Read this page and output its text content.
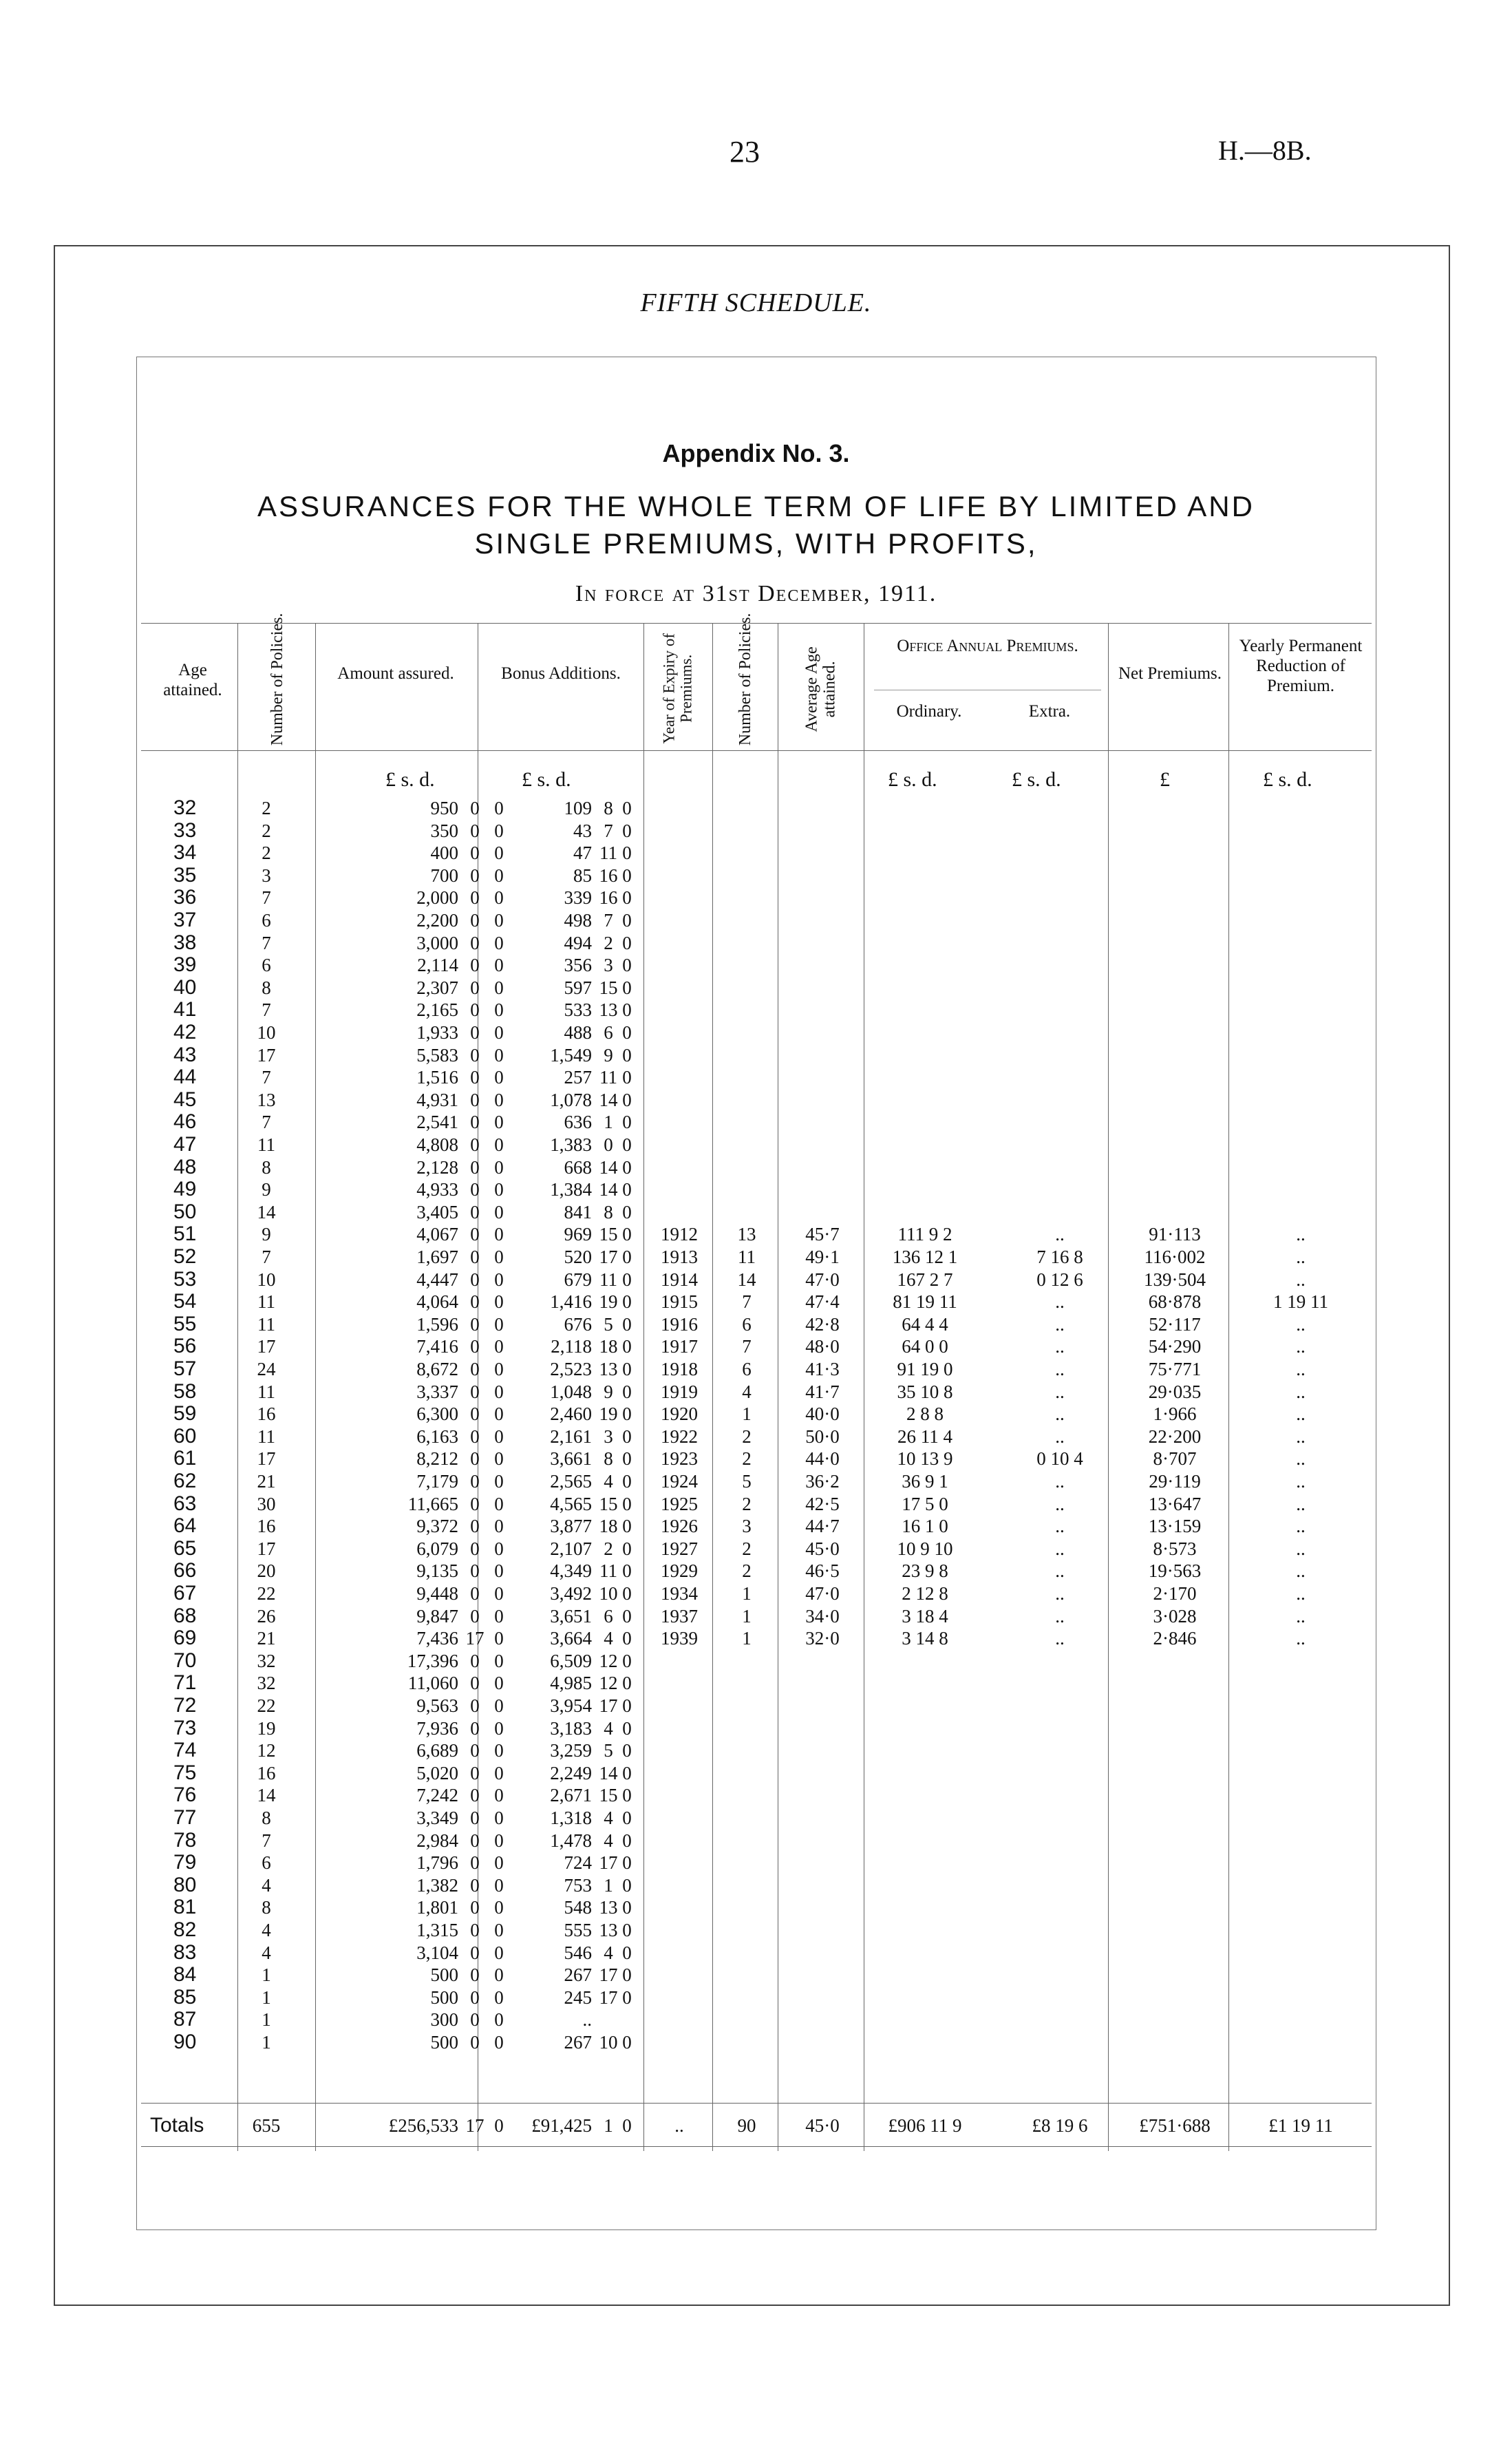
23	H.—8B.
FIFTH SCHEDULE.
Appendix No. 3.
ASSURANCES FOR THE WHOLE TERM OF LIFE BY LIMITED AND
SINGLE PREMIUMS, WITH PROFITS,
In force at 31st December, 1911.
Age attained.	Number of Policies.	Amount assured.	Bonus Additions.	Year of Expiry of Premiums. Number of Policies.	Average Age attained.
Office Annual Premiums.
Ordinary.	Extra.
Net Premiums.
Yearly Permanent Reduction of Premium.
£ s. d.	£ s. d.	£ s. d.	£ s. d.	£	£ s. d.
32	2	950 0 0	109 8 0
33	2	350 0 0	43 7 0
34	2	400 0 0	47 11 0
35	3	700 0 0	85 16 0
36	7	2,000 0 0	339 16 0
37	6	2,200 0 0	498 7 0
38	7	3,000 0 0	494 2 0
39	6	2,114 0 0	356 3 0
40	8	2,307 0 0	597 15 0
41	7	2,165 0 0	533 13 0
42	10	1,933 0 0	488 6 0
43	17	5,583 0 0	1,549 9 0
44	7	1,516 0 0	257 11 0
45	13	4,931 0 0	1,078 14 0
46	7	2,541 0 0	636 1 0
47	11	4,808 0 0	1,383 0 0
48	8	2,128 0 0	668 14 0
49	9	4,933 0 0	1,384 14 0
50	14	3,405 0 0	841 8 0
51	9	4,067 0 0	969 15 0	1912	13	45·7	111 9 2	..	91·113	..
52	7	1,697 0 0	520 17 0	1913	11	49·1	136 12 1	7 16 8	116·002	..
53	10	4,447 0 0	679 11 0	1914	14	47·0	167 2 7	0 12 6	139·504	..
54	11	4,064 0 0	1,416 19 0	1915	7	47·4	81 19 11	..	68·878	1 19 11
55	11	1,596 0 0	676 5 0	1916	6	42·8	64 4 4	..	52·117	..
56	17	7,416 0 0	2,118 18 0	1917	7	48·0	64 0 0	..	54·290	..
57	24	8,672 0 0	2,523 13 0	1918	6	41·3	91 19 0	..	75·771	..
58	11	3,337 0 0	1,048 9 0	1919	4	41·7	35 10 8	..	29·035	..
59	16	6,300 0 0	2,460 19 0	1920	1	40·0	2 8 8	..	1·966	..
60	11	6,163 0 0	2,161 3 0	1922	2	50·0	26 11 4	..	22·200	..
61	17	8,212 0 0	3,661 8 0	1923	2	44·0	10 13 9	0 10 4	8·707	..
62	21	7,179 0 0	2,565 4 0	1924	5	36·2	36 9 1	..	29·119	..
63	30	11,665 0 0	4,565 15 0	1925	2	42·5	17 5 0	..	13·647	..
64	16	9,372 0 0	3,877 18 0	1926	3	44·7	16 1 0	..	13·159	..
65	17	6,079 0 0	2,107 2 0	1927	2	45·0	10 9 10	..	8·573	..
66	20	9,135 0 0	4,349 11 0	1929	2	46·5	23 9 8	..	19·563	..
67	22	9,448 0 0	3,492 10 0	1934	1	47·0	2 12 8	..	2·170	..
68	26	9,847 0 0	3,651 6 0	1937	1	34·0	3 18 4	..	3·028	..
69	21	7,436 17 0	3,664 4 0	1939	1	32·0	3 14 8	..	2·846	..
70	32	17,396 0 0	6,509 12 0
71	32	11,060 0 0	4,985 12 0
72	22	9,563 0 0	3,954 17 0
73	19	7,936 0 0	3,183 4 0
74	12	6,689 0 0	3,259 5 0
75	16	5,020 0 0	2,249 14 0
76	14	7,242 0 0	2,671 15 0
77	8	3,349 0 0	1,318 4 0
78	7	2,984 0 0	1,478 4 0
79	6	1,796 0 0	724 17 0
80	4	1,382 0 0	753 1 0
81	8	1,801 0 0	548 13 0
82	4	1,315 0 0	555 13 0
83	4	3,104 0 0	546 4 0
84	1	500 0 0	267 17 0
85	1	500 0 0	245 17 0
87	1	300 0 0	..
90	1	500 0 0	267 10 0
Totals	655	£256,533 17 0	£91,425 1 0	..	90	45·0	£906 11 9	£8 19 6	£751·688	£1 19 11
